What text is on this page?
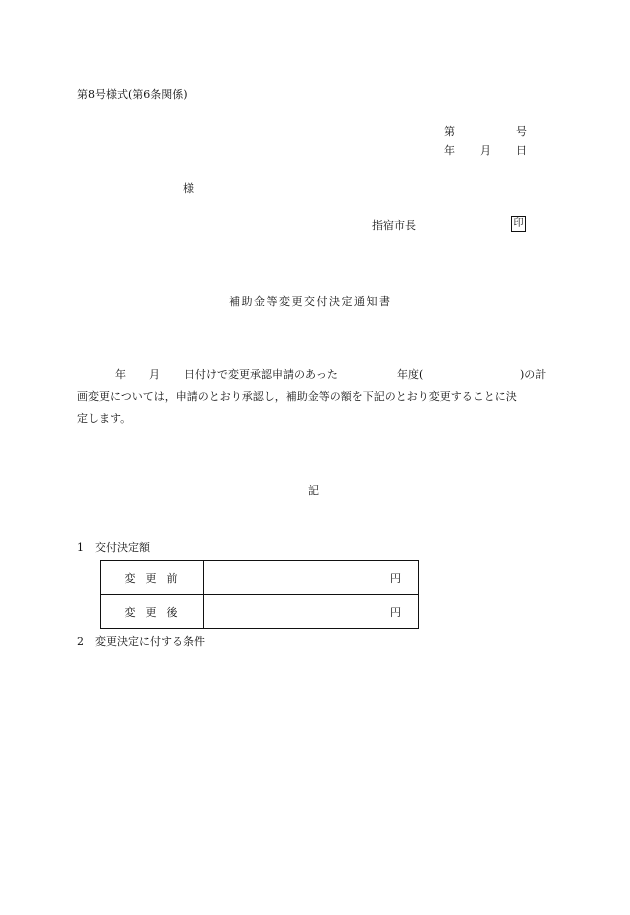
第8号様式(第6条関係)
第	号
年 月 日
様
指宿市長	印
補助金等変更交付決定通知書
年 月 日付けで変更承認申請のあった	年度(	)の計
画変更については，申請のとおり承認し，補助金等の額を下記のとおり変更することに決
定します。
記
1　交付決定額
変更前	円
変更後	円
2　変更決定に付する条件
